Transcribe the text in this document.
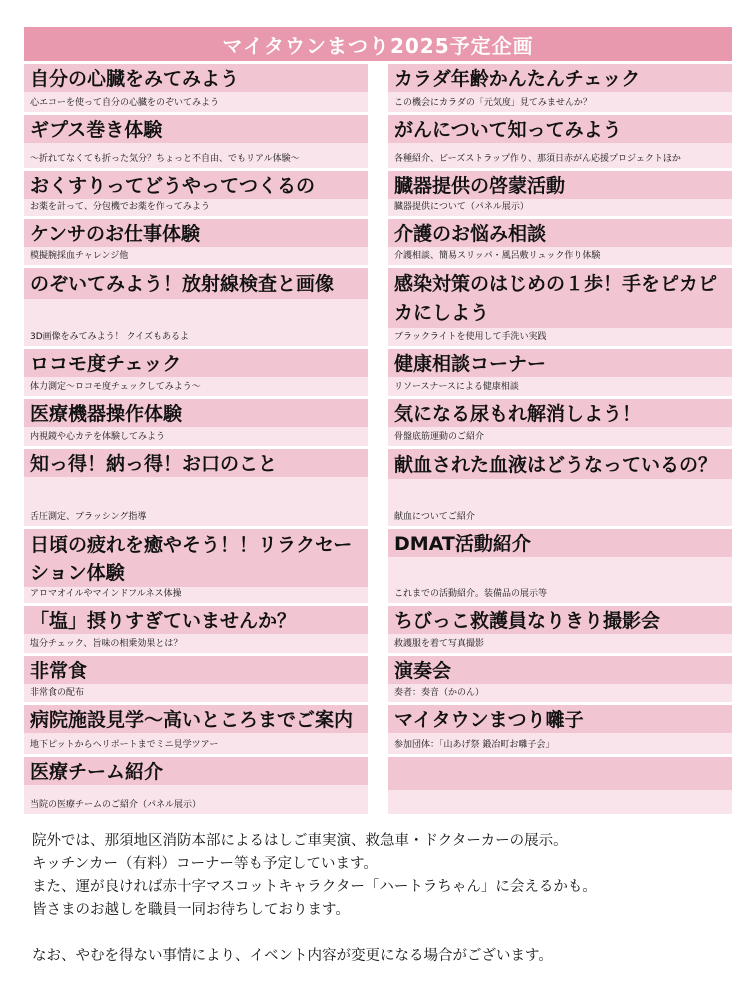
マイタウンまつり2025予定企画
自分の心臓をみてみよう
心エコーを使って自分の心臓をのぞいてみよう
ギプス巻き体験
～折れてなくても折った気分？ちょっと不自由、でもリアル体験～
おくすりってどうやってつくるの
お薬を計って、分包機でお薬を作ってみよう
ケンサのお仕事体験
模擬腕採血チャレンジ他
のぞいてみよう！放射線検査と画像
3D画像をみてみよう！ クイズもあるよ
ロコモ度チェック
体力測定～ロコモ度チェックしてみよう～
医療機器操作体験
内視鏡や心カテを体験してみよう
知っ得！納っ得！お口のこと
舌圧測定、ブラッシング指導
日頃の疲れを癒やそう！！リラクセーション体験
アロマオイルやマインドフルネス体操
「塩」摂りすぎていませんか？
塩分チェック、旨味の相乗効果とは？
非常食
非常食の配布
病院施設見学～高いところまでご案内
地下ピットからヘリポートまでミニ見学ツアー
医療チーム紹介
当院の医療チームのご紹介（パネル展示）
カラダ年齢かんたんチェック
この機会にカラダの「元気度」見てみませんか？
がんについて知ってみよう
各種紹介、ビーズストラップ作り、那須日赤がん応援プロジェクトほか
臓器提供の啓蒙活動
臓器提供について（パネル展示）
介護のお悩み相談
介護相談、簡易スリッパ・風呂敷リュック作り体験
感染対策のはじめの１歩！手をピカピカにしよう
ブラックライトを使用して手洗い実践
健康相談コーナー
リソースナースによる健康相談
気になる尿もれ解消しよう！
骨盤底筋運動のご紹介
献血された血液はどうなっているの？
献血についてご紹介
DMAT活動紹介
これまでの活動紹介。装備品の展示等
ちびっこ救護員なりきり撮影会
救護服を着て写真撮影
演奏会
奏者：奏音（かのん）
マイタウンまつり囃子
参加団体：「山あげ祭 鍛冶町お囃子会」

院外では、那須地区消防本部によるはしご車実演、救急車・ドクターカーの展示。

キッチンカー（有料）コーナー等も予定しています。

また、運が良ければ赤十字マスコットキャラクター「ハートラちゃん」に会えるかも。

皆さまのお越しを職員一同お待ちしております。

なお、やむを得ない事情により、イベント内容が変更になる場合がございます。
